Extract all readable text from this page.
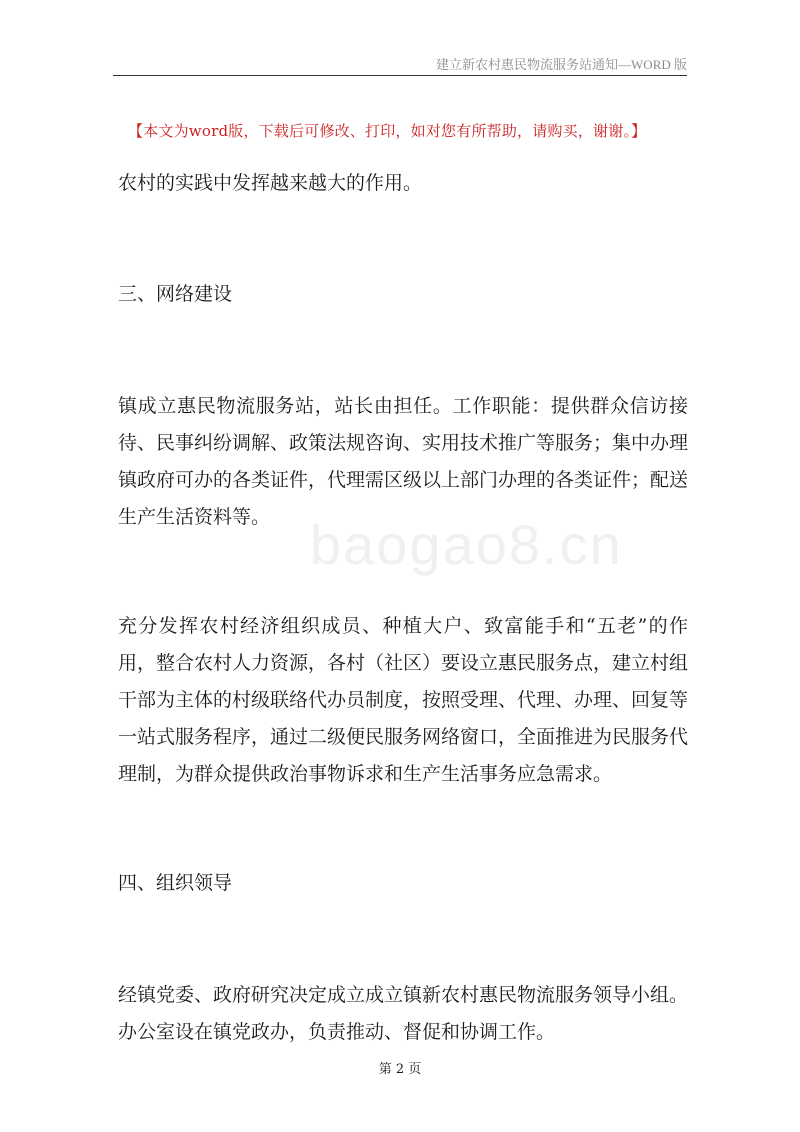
建立新农村惠民物流服务站通知—WORD 版
【本文为word版，下载后可修改、打印，如对您有所帮助，请购买，谢谢。】
baogao8.cn

农村的实践中发挥越来越大的作用。

三、网络建设

镇成立惠民物流服务站，站长由担任。工作职能：提供群众信访接待、民事纠纷调解、政策法规咨询、实用技术推广等服务；集中办理镇政府可办的各类证件，代理需区级以上部门办理的各类证件；配送生产生活资料等。

充分发挥农村经济组织成员、种植大户、致富能手和“五老”的作用，整合农村人力资源，各村（社区）要设立惠民服务点，建立村组干部为主体的村级联络代办员制度，按照受理、代理、办理、回复等一站式服务程序，通过二级便民服务网络窗口，全面推进为民服务代理制，为群众提供政治事物诉求和生产生活事务应急需求。

四、组织领导

经镇党委、政府研究决定成立成立镇新农村惠民物流服务领导小组。办公室设在镇党政办，负责推动、督促和协调工作。

第 2 页
